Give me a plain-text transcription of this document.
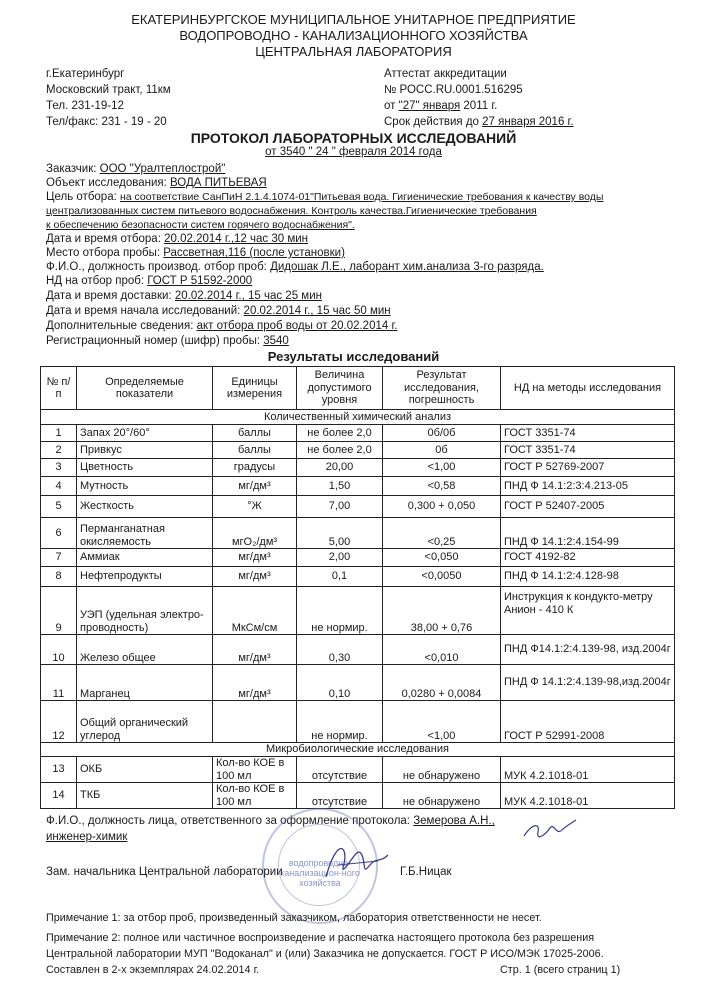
ЕКАТЕРИНБУРГСКОЕ МУНИЦИПАЛЬНОЕ УНИТАРНОЕ ПРЕДПРИЯТИЕ
ВОДОПРОВОДНО - КАНАЛИЗАЦИОННОГО ХОЗЯЙСТВА
ЦЕНТРАЛЬНАЯ ЛАБОРАТОРИЯ
г.Екатеринбург
Московский тракт, 11км
Тел. 231-19-12
Тел/факс: 231 - 19 - 20
Аттестат аккредитации
№ РОСС.RU.0001.516295
от "27" января 2011 г.
Срок действия до 27 января 2016 г.
ПРОТОКОЛ ЛАБОРАТОРНЫХ ИССЛЕДОВАНИЙ
от 3540 " 24 " февраля 2014 года
Заказчик: ООО "Уралтеплострой"
Объект исследования: ВОДА ПИТЬЕВАЯ
Цель отбора: на соответствие СанПиН 2.1.4.1074-01"Питьевая вода. Гигиенические требования к качеству воды
централизованных систем питьевого водоснабжения. Контроль качества.Гигиенические требования
к обеспечению безопасности систем горячего водоснабжения".
Дата и время отбора: 20.02.2014 г.,12 час 30 мин
Место отбора пробы: Рассветная,116 (после установки)
Ф.И.О., должность производ. отбор проб: Дидошак Л.Е., лаборант хим.анализа 3-го разряда.
НД на отбор проб: ГОСТ Р 51592-2000
Дата и время доставки: 20.02.2014 г., 15 час 25 мин
Дата и время начала исследований: 20.02.2014 г., 15 час 50 мин
Дополнительные сведения: акт отбора проб воды от 20.02.2014 г.
Регистрационный номер (шифр) пробы: 3540
Результаты исследований
№ п/п	Определяемые показатели	Единицы измерения	Величина допустимого уровня	Результат исследования, погрешность	НД на методы исследования
Количественный химический анализ					
1	Запах 20°/60°	баллы	не более 2,0	0б/0б	ГОСТ 3351-74
2	Привкус	баллы	не более 2,0	0б	ГОСТ 3351-74
3	Цветность	градусы	20,00	<1,00	ГОСТ Р 52769-2007
4	Мутность	мг/дм³	1,50	<0,58	ПНД Ф 14.1:2:3:4.213-05
5	Жесткость	°Ж	7,00	0,300 + 0,050	ГОСТ Р 52407-2005
6	Перманганатная окисляемость	мгО₂/дм³	5,00	<0,25	ПНД Ф 14.1:2:4.154-99
7	Аммиак	мг/дм³	2,00	<0,050	ГОСТ 4192-82
8	Нефтепродукты	мг/дм³	0,1	<0,0050	ПНД Ф 14.1:2:4.128-98
9	УЭП (удельная электро-проводность)	МкСм/см	не нормир.	38,00 + 0,76	Инструкция к кондукто-метру Анион - 410 К
10	Железо общее	мг/дм³	0,30	<0,010	ПНД Ф14.1:2:4.139-98, изд.2004г
11	Марганец	мг/дм³	0,10	0,0280 + 0,0084	ПНД Ф 14.1:2:4.139-98,изд.2004г
12	Общий органический углерод		не нормир.	<1,00	ГОСТ Р 52991-2008
Микробиологические исследования					
13	ОКБ	Кол-во КОЕ в 100 мл	отсутствие	не обнаружено	МУК 4.2.1018-01
14	ТКБ	Кол-во КОЕ в 100 мл	отсутствие	не обнаружено	МУК 4.2.1018-01
Ф.И.О., должность лица, ответственного за оформление протокола: Земерова А.Н.,
инженер-химик
водопроводно-канализацион-ного хозяйства
Зам. начальника Центральной лаборатории	Г.Б.Ницак
Примечание 1: за отбор проб, произведенный заказчиком, лаборатория ответственности не несет.
Примечание 2: полное или частичное воспроизведение и распечатка настоящего протокола без разрешения
Центральной лаборатории МУП "Водоканал" и (или) Заказчика не допускается. ГОСТ Р ИСО/МЭК 17025-2006.
Составлен в 2-х экземплярах 24.02.2014 г.	Стр. 1 (всего страниц 1)
